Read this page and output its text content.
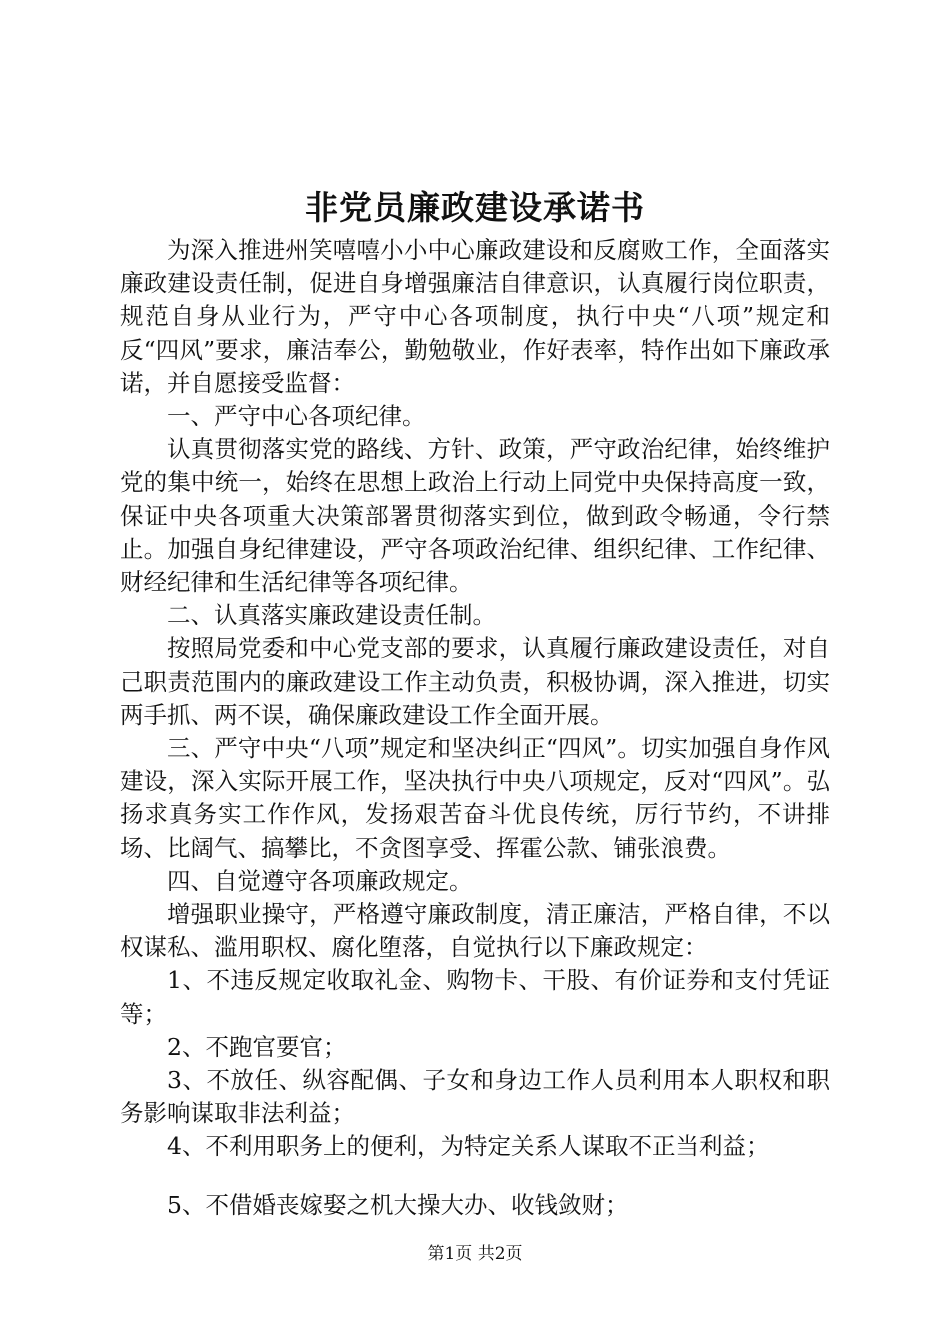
非党员廉政建设承诺书

为深入推进州笑嘻嘻小小中心廉政建设和反腐败工作，全面落实廉政建设责任制，促进自身增强廉洁自律意识，认真履行岗位职责，规范自身从业行为，严守中心各项制度，执行中央“八项”规定和反“四风”要求，廉洁奉公，勤勉敬业，作好表率，特作出如下廉政承诺，并自愿接受监督：

一、严守中心各项纪律。

认真贯彻落实党的路线、方针、政策，严守政治纪律，始终维护党的集中统一，始终在思想上政治上行动上同党中央保持高度一致，保证中央各项重大决策部署贯彻落实到位，做到政令畅通，令行禁止。加强自身纪律建设，严守各项政治纪律、组织纪律、工作纪律、财经纪律和生活纪律等各项纪律。

二、认真落实廉政建设责任制。

按照局党委和中心党支部的要求，认真履行廉政建设责任，对自己职责范围内的廉政建设工作主动负责，积极协调，深入推进，切实两手抓、两不误，确保廉政建设工作全面开展。

三、严守中央“八项”规定和坚决纠正“四风”。切实加强自身作风建设，深入实际开展工作，坚决执行中央八项规定，反对“四风”。弘扬求真务实工作作风，发扬艰苦奋斗优良传统，厉行节约，不讲排场、比阔气、搞攀比，不贪图享受、挥霍公款、铺张浪费。

四、自觉遵守各项廉政规定。

增强职业操守，严格遵守廉政制度，清正廉洁，严格自律，不以权谋私、滥用职权、腐化堕落，自觉执行以下廉政规定：

1、不违反规定收取礼金、购物卡、干股、有价证券和支付凭证等；

2、不跑官要官；

3、不放任、纵容配偶、子女和身边工作人员利用本人职权和职务影响谋取非法利益；

4、不利用职务上的便利，为特定关系人谋取不正当利益；

5、不借婚丧嫁娶之机大操大办、收钱敛财；

第1页 共2页
